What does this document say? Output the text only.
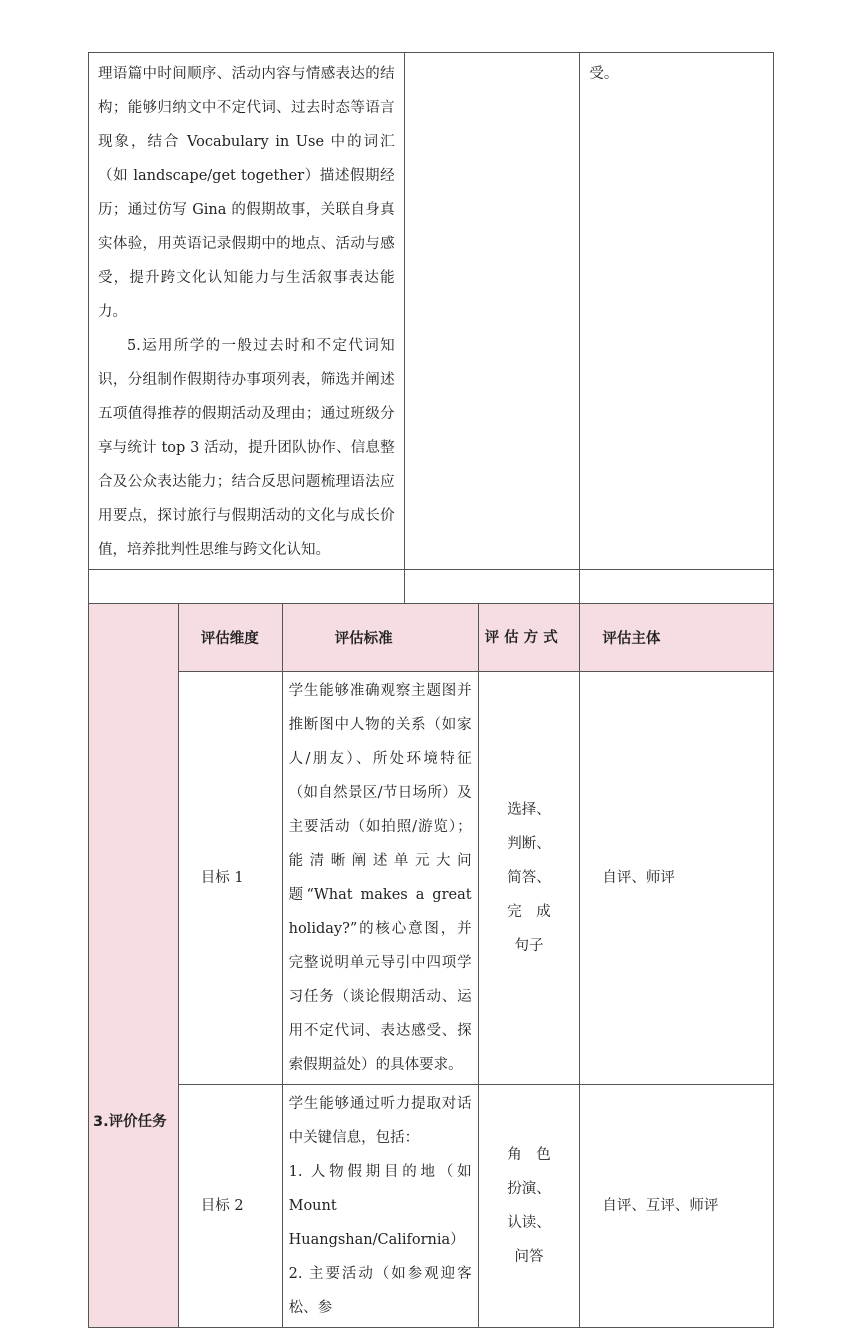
理语篇中时间顺序、活动内容与情感表达的结构；能够归纳文中不定代词、过去时态等语言现象，结合 Vocabulary in Use 中的词汇（如 landscape/get together）描述假期经历；通过仿写 Gina 的假期故事，关联自身真实体验，用英语记录假期中的地点、活动与感受，提升跨文化认知能力与生活叙事表达能力。
5.运用所学的一般过去时和不定代词知识，分组制作假期待办事项列表，筛选并阐述五项值得推荐的假期活动及理由；通过班级分享与统计 top 3 活动，提升团队协作、信息整合及公众表达能力；结合反思问题梳理语法应用要点，探讨旅行与假期活动的文化与成长价值，培养批判性思维与跨文化认知。					受。

3.评价任务	评估维度	评估标准		评 估 方 式	评估主体
	目标 1	学生能够准确观察主题图并推断图中人物的关系（如家人/朋友）、所处环境特征（如自然景区/节日场所）及主要活动（如拍照/游览）；能清晰阐述单元大问题“What makes a great holiday?”的核心意图，并完整说明单元导引中四项学习任务（谈论假期活动、运用不定代词、表达感受、探索假期益处）的具体要求。		选择、
判断、
简答、
完　成
句子	自评、师评
	目标 2	学生能够通过听力提取对话中关键信息，包括：
1. 人物假期目的地（如 Mount Huangshan/California）
2. 主要活动（如参观迎客松、参		角　色
扮演、
认读、
问答	自评、互评、师评
